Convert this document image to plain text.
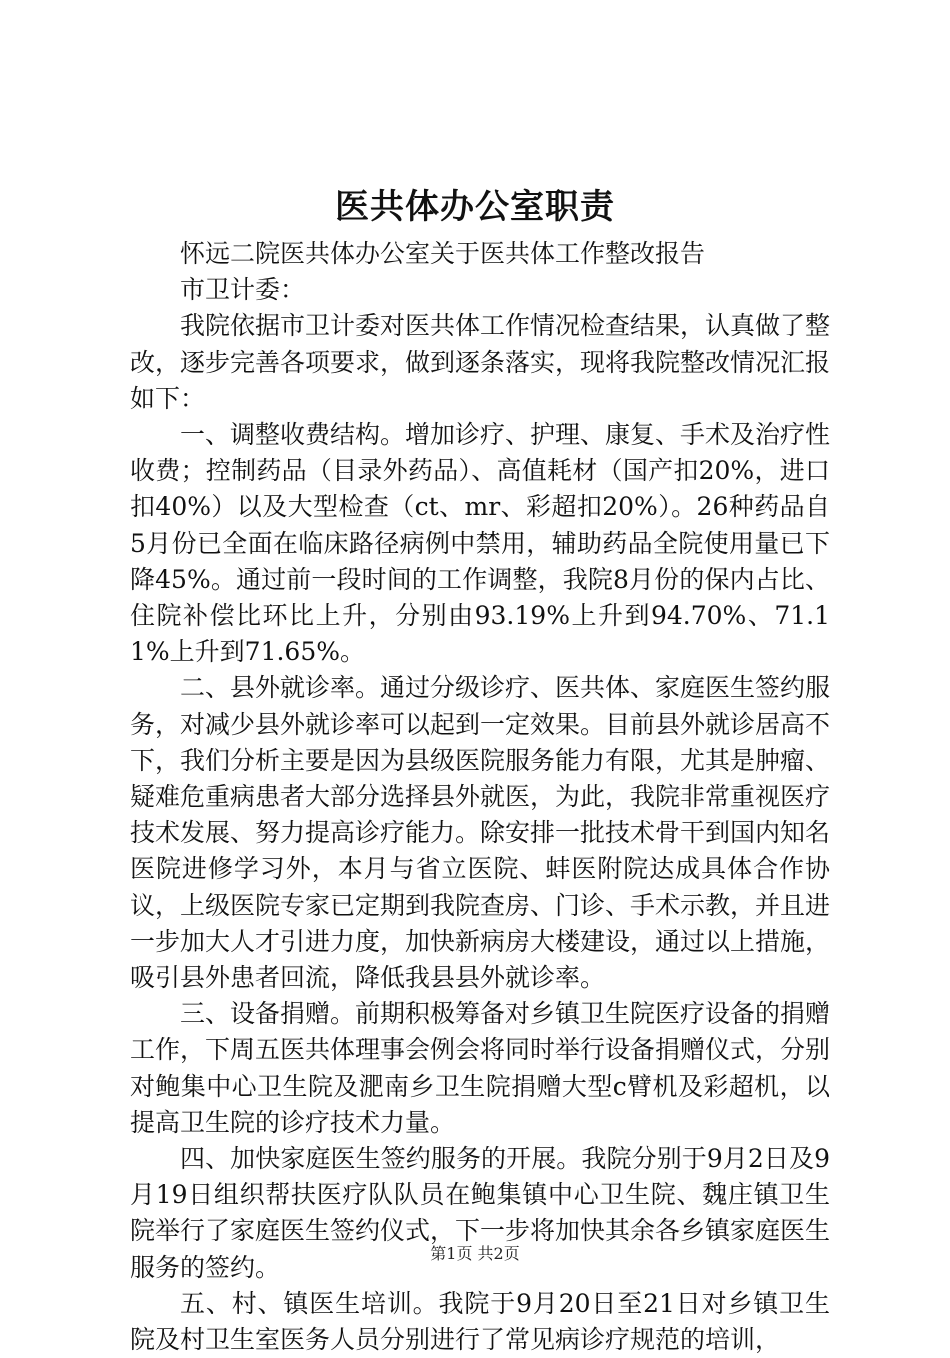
医共体办公室职责

怀远二院医共体办公室关于医共体工作整改报告

市卫计委：

我院依据市卫计委对医共体工作情况检查结果，认真做了整改，逐步完善各项要求，做到逐条落实，现将我院整改情况汇报如下：

一、调整收费结构。增加诊疗、护理、康复、手术及治疗性收费；控制药品（目录外药品）、高值耗材（国产扣20%，进口扣40%）以及大型检查（ct、mr、彩超扣20%）。26种药品自5月份已全面在临床路径病例中禁用，辅助药品全院使用量已下降45%。通过前一段时间的工作调整，我院8月份的保内占比、住院补偿比环比上升，分别由93.19%上升到94.70%、71.11%上升到71.65%。

二、县外就诊率。通过分级诊疗、医共体、家庭医生签约服务，对减少县外就诊率可以起到一定效果。目前县外就诊居高不下，我们分析主要是因为县级医院服务能力有限，尤其是肿瘤、疑难危重病患者大部分选择县外就医，为此，我院非常重视医疗技术发展、努力提高诊疗能力。除安排一批技术骨干到国内知名医院进修学习外，本月与省立医院、蚌医附院达成具体合作协议，上级医院专家已定期到我院查房、门诊、手术示教，并且进一步加大人才引进力度，加快新病房大楼建设，通过以上措施，吸引县外患者回流，降低我县县外就诊率。

三、设备捐赠。前期积极筹备对乡镇卫生院医疗设备的捐赠工作，下周五医共体理事会例会将同时举行设备捐赠仪式，分别对鲍集中心卫生院及淝南乡卫生院捐赠大型c臂机及彩超机，以提高卫生院的诊疗技术力量。

四、加快家庭医生签约服务的开展。我院分别于9月2日及9月19日组织帮扶医疗队队员在鲍集镇中心卫生院、魏庄镇卫生院举行了家庭医生签约仪式，下一步将加快其余各乡镇家庭医生服务的签约。

五、村、镇医生培训。我院于9月20日至21日对乡镇卫生院及村卫生室医务人员分别进行了常见病诊疗规范的培训，

第1页 共2页
